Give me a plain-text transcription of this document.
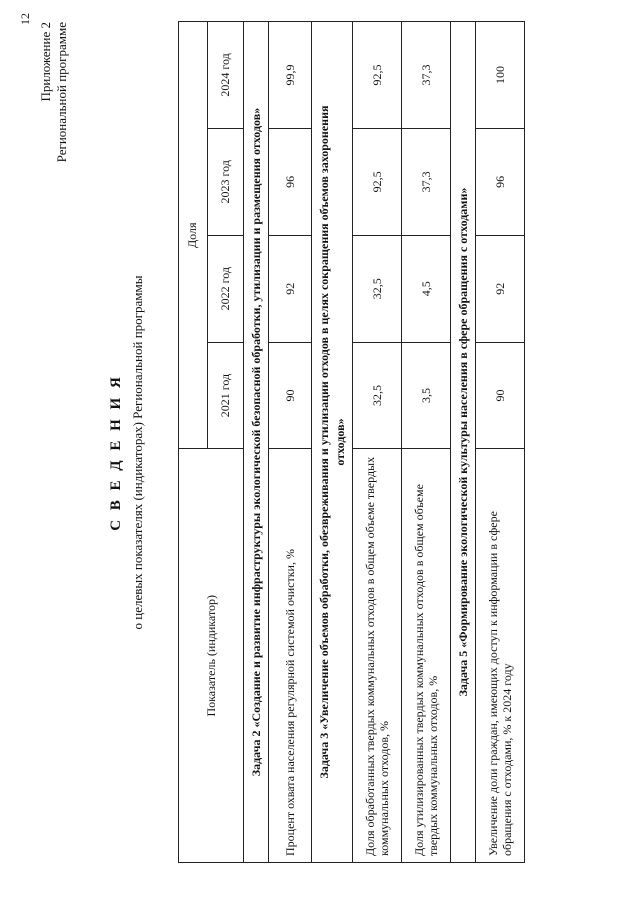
12
Приложение 2 Региональной программе
С В Е Д Е Н И Я о целевых показателях (индикаторах) Региональной программы
Показатель (индикатор)	Доля			
	2021 год	2022 год	2023 год	2024 год
Задача 2 «Создание и развитие инфраструктуры экологической безопасной обработки, утилизации и размещения отходов»				
Процент охвата населения регулярной системой очистки, %	90	92	96	99,9
Задача 3 «Увеличение объемов обработки, обезвреживания и утилизации отходов в целях сокращения объемов захоронения отходов»				
Доля обработанных твердых коммунальных отходов в общем объеме твердых коммунальных отходов, %	32,5	32,5	92,5	92,5
Доля утилизированных твердых коммунальных отходов в общем объеме твердых коммунальных отходов, %	3,5	4,5	37,3	37,3
Задача 5 «Формирование экологической культуры населения в сфере обращения с отходами»				
Увеличение доли граждан, имеющих доступ к информации в сфере обращения с отходами, % к 2024 году	90	92	96	100
